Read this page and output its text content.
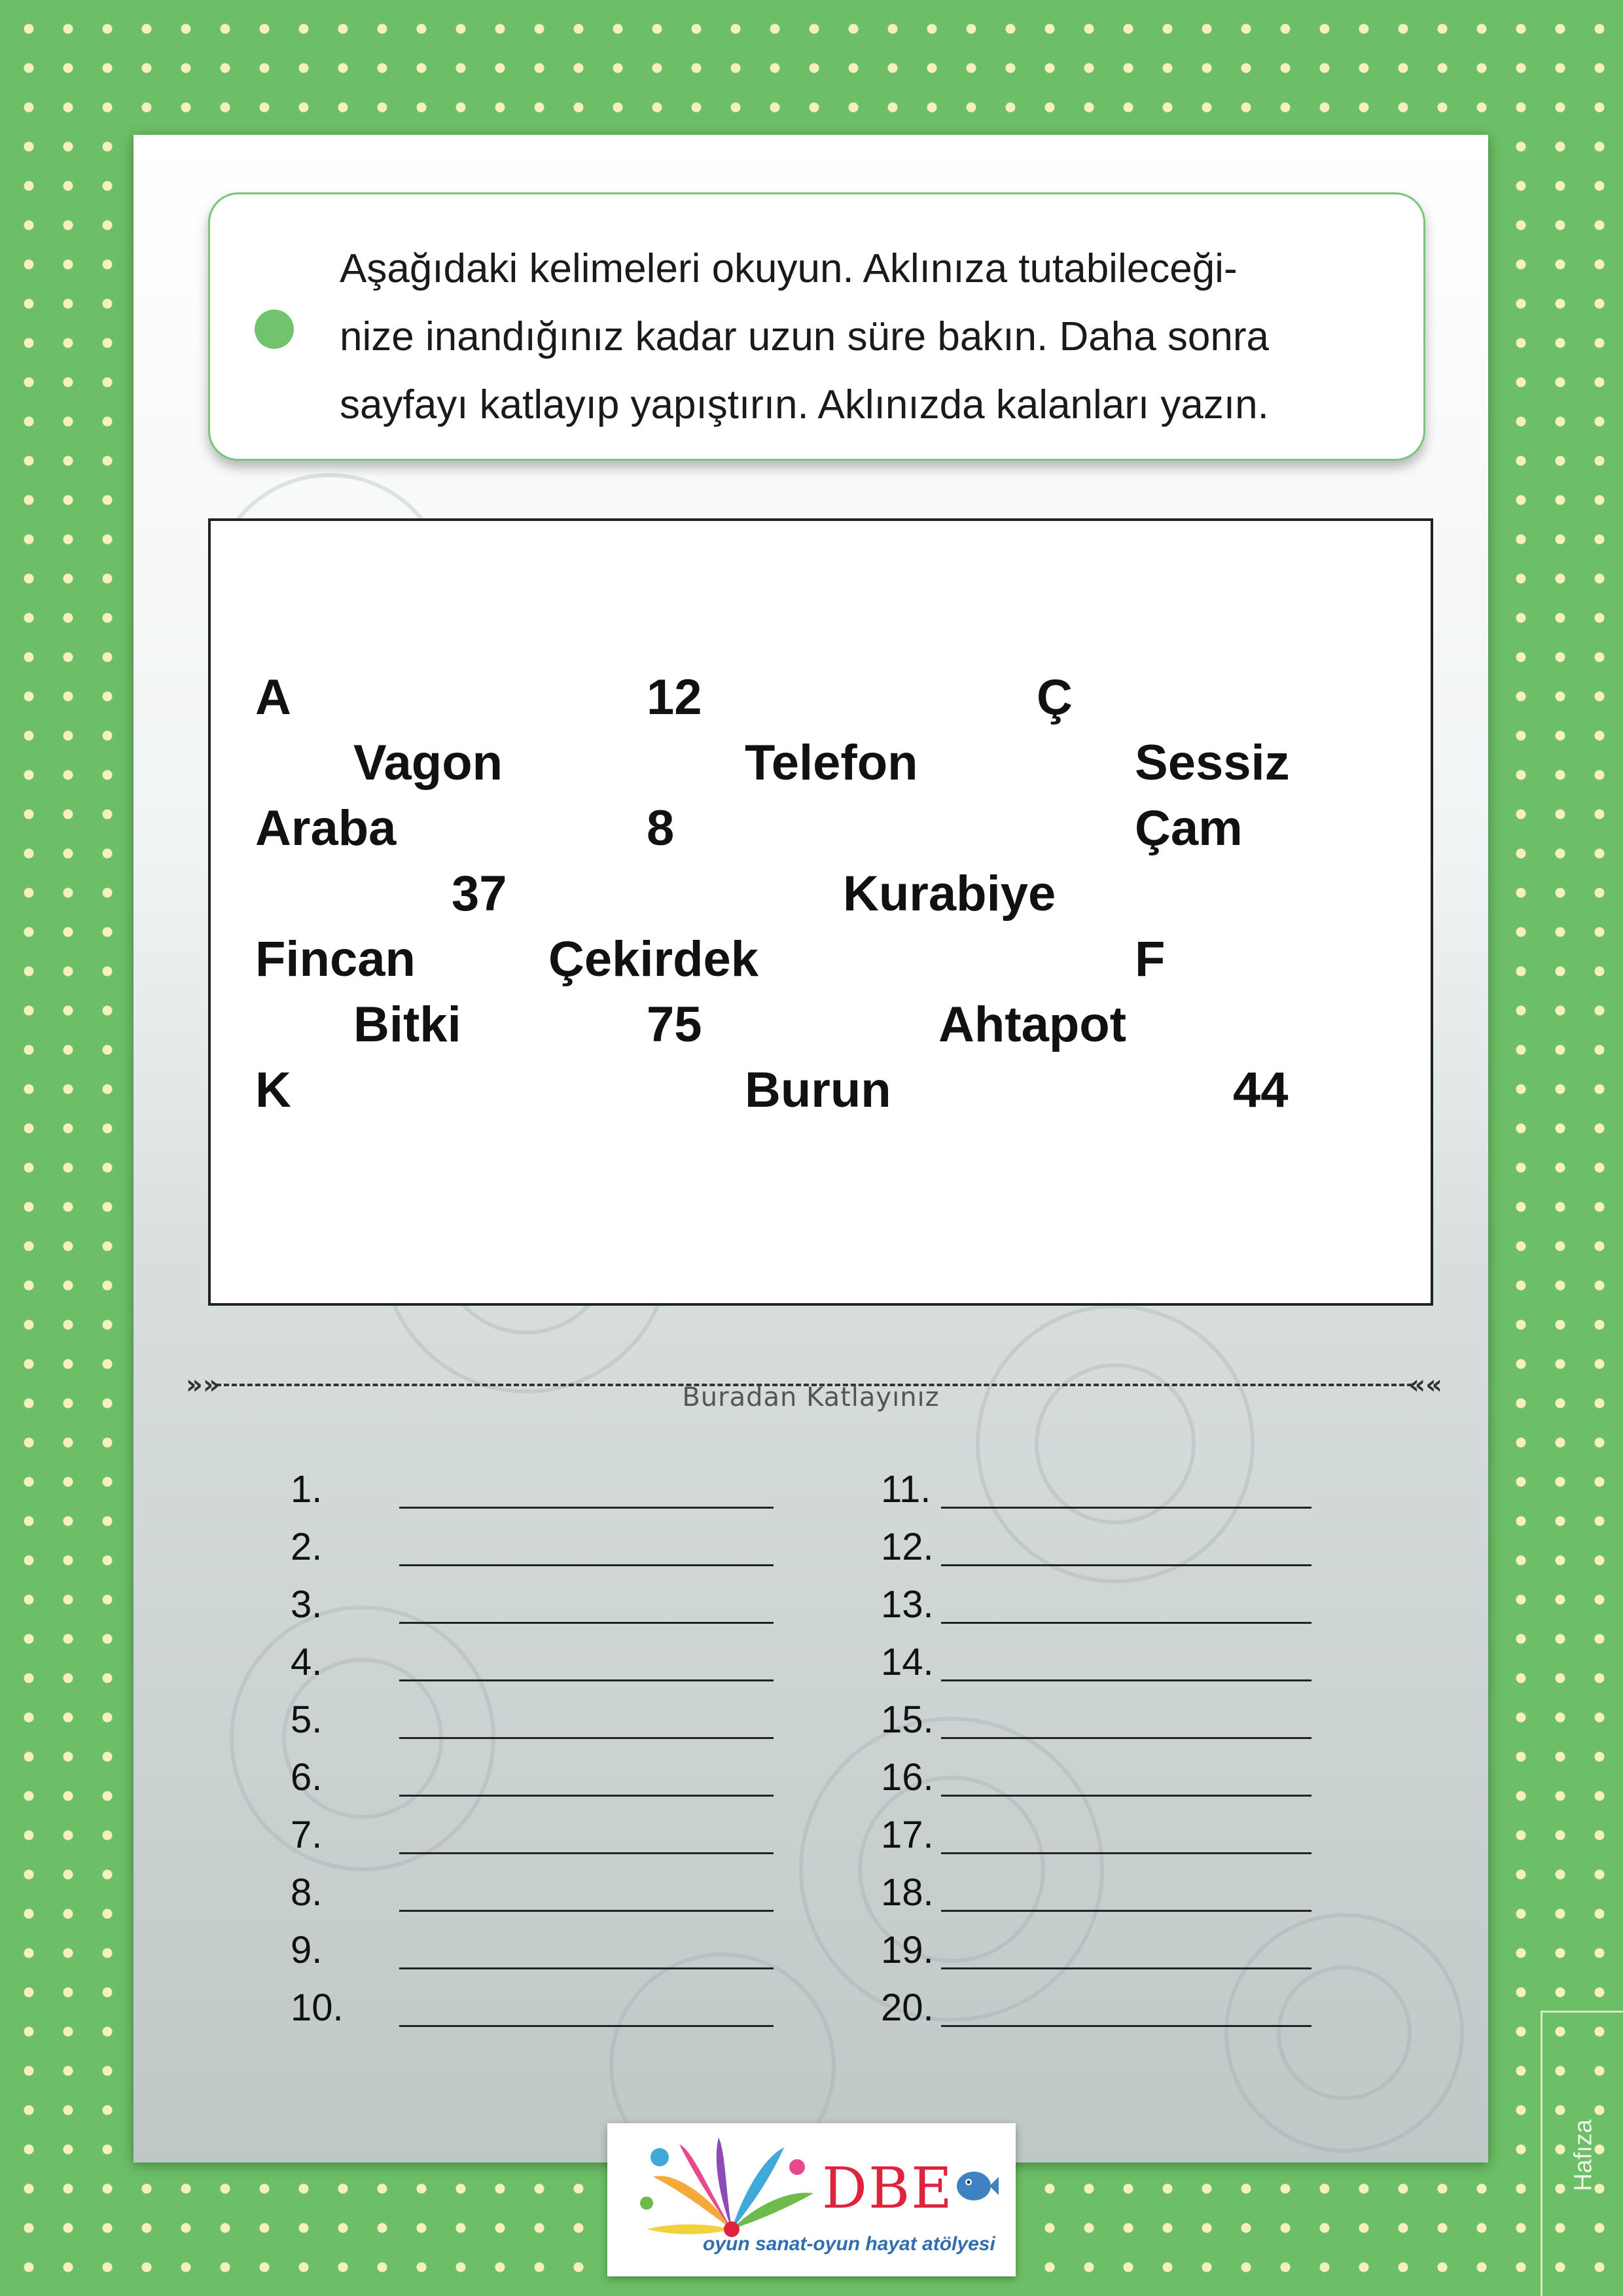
Aşağıdaki kelimeleri okuyun. Aklınıza tutabileceği-
nize inandığınız kadar uzun süre bakın. Daha sonra
sayfayı katlayıp yapıştırın. Aklınızda kalanları yazın.
A	12	Ç
Vagon	Telefon	Sessiz
Araba	8	Çam
37	Kurabiye
Fincan	Çekirdek	F
Bitki	75	Ahtapot
K	Burun	44
»»	««
Buradan Katlayınız
1.
2.
3.
4.
5.
6.
7.
8.
9.
10.
11.
12.
13.
14.
15.
16.
17.
18.
19.
20.
DBE
oyun sanat-oyun hayat atölyesi
Hafıza
